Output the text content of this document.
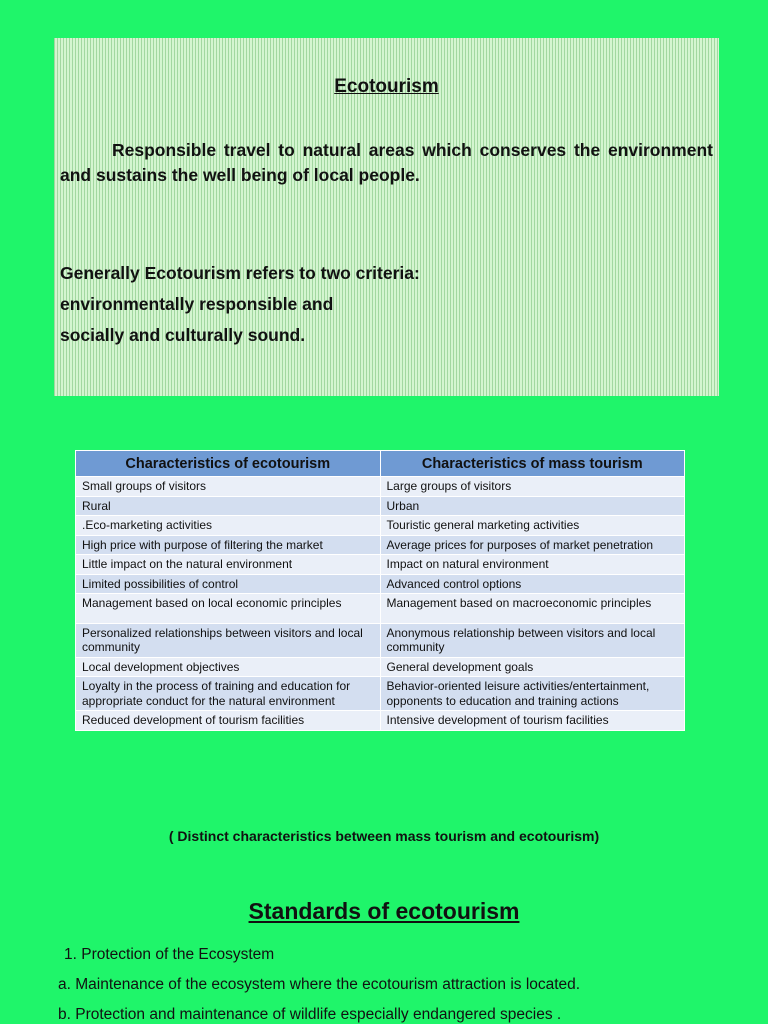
Ecotourism
Responsible travel to natural areas which conserves the environment and sustains the well being of local people.
Generally Ecotourism refers to two criteria:
environmentally responsible and
socially and culturally sound.
Characteristics of ecotourism	Characteristics of mass tourism
Small groups of visitors	Large groups of visitors
Rural	Urban
.Eco-marketing activities	Touristic general marketing activities
High price with purpose of filtering the market	Average prices for purposes of market penetration
Little impact on the natural environment	Impact on natural environment
Limited possibilities of control	Advanced control options
Management based on local economic principles	Management based on macroeconomic principles
Personalized relationships between visitors and local community	Anonymous relationship between visitors and local community
Local development objectives	General development goals
Loyalty in the process of training and education for appropriate conduct for the natural environment	Behavior-oriented leisure activities/entertainment, opponents to education and training actions
Reduced development of tourism facilities	Intensive development of tourism facilities
( Distinct characteristics between mass tourism and ecotourism)
Standards of ecotourism
1. Protection of the Ecosystem
a. Maintenance of the ecosystem where the ecotourism attraction is located.
b. Protection and maintenance of wildlife especially endangered species .
